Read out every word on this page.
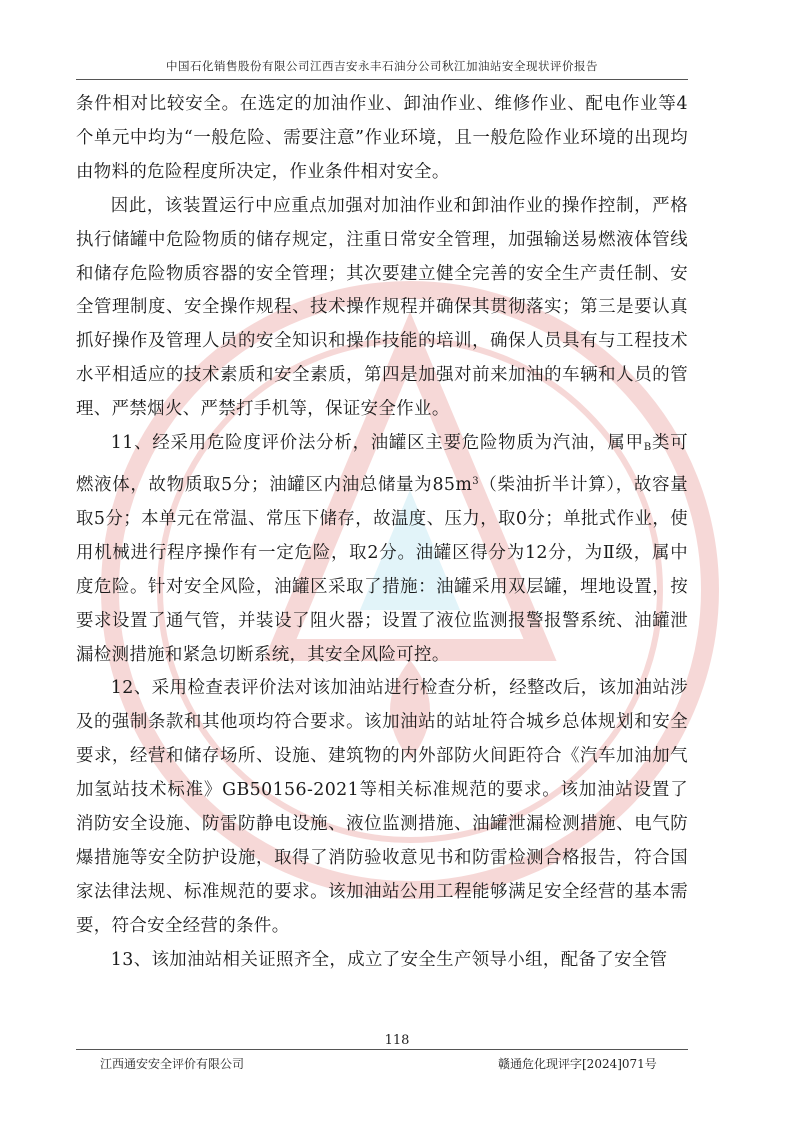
中国石化销售股份有限公司江西吉安永丰石油分公司秋江加油站安全现状评价报告

条件相对比较安全。在选定的加油作业、卸油作业、维修作业、配电作业等4个单元中均为“一般危险、需要注意”作业环境，且一般危险作业环境的出现均由物料的危险程度所决定，作业条件相对安全。

因此，该装置运行中应重点加强对加油作业和卸油作业的操作控制，严格执行储罐中危险物质的储存规定，注重日常安全管理，加强输送易燃液体管线和储存危险物质容器的安全管理；其次要建立健全完善的安全生产责任制、安全管理制度、安全操作规程、技术操作规程并确保其贯彻落实；第三是要认真抓好操作及管理人员的安全知识和操作技能的培训，确保人员具有与工程技术水平相适应的技术素质和安全素质，第四是加强对前来加油的车辆和人员的管理、严禁烟火、严禁打手机等，保证安全作业。

11、经采用危险度评价法分析，油罐区主要危险物质为汽油，属甲$_B$类可燃液体，故物质取5分；油罐区内油总储量为$85m^3$（柴油折半计算），故容量取5分；本单元在常温、常压下储存，故温度、压力，取0分；单批式作业，使用机械进行程序操作有一定危险，取2分。油罐区得分为12分，为Ⅱ级，属中度危险。针对安全风险，油罐区采取了措施：油罐采用双层罐，埋地设置，按要求设置了通气管，并装设了阻火器；设置了液位监测报警报警系统、油罐泄漏检测措施和紧急切断系统，其安全风险可控。

12、采用检查表评价法对该加油站进行检查分析，经整改后，该加油站涉及的强制条款和其他项均符合要求。该加油站的站址符合城乡总体规划和安全要求，经营和储存场所、设施、建筑物的内外部防火间距符合《汽车加油加气加氢站技术标准》GB50156-2021等相关标准规范的要求。该加油站设置了消防安全设施、防雷防静电设施、液位监测措施、油罐泄漏检测措施、电气防爆措施等安全防护设施，取得了消防验收意见书和防雷检测合格报告，符合国家法律法规、标准规范的要求。该加油站公用工程能够满足安全经营的基本需要，符合安全经营的条件。

13、该加油站相关证照齐全，成立了安全生产领导小组，配备了安全管

118
江西通安安全评价有限公司	赣通危化现评字[2024]071号
